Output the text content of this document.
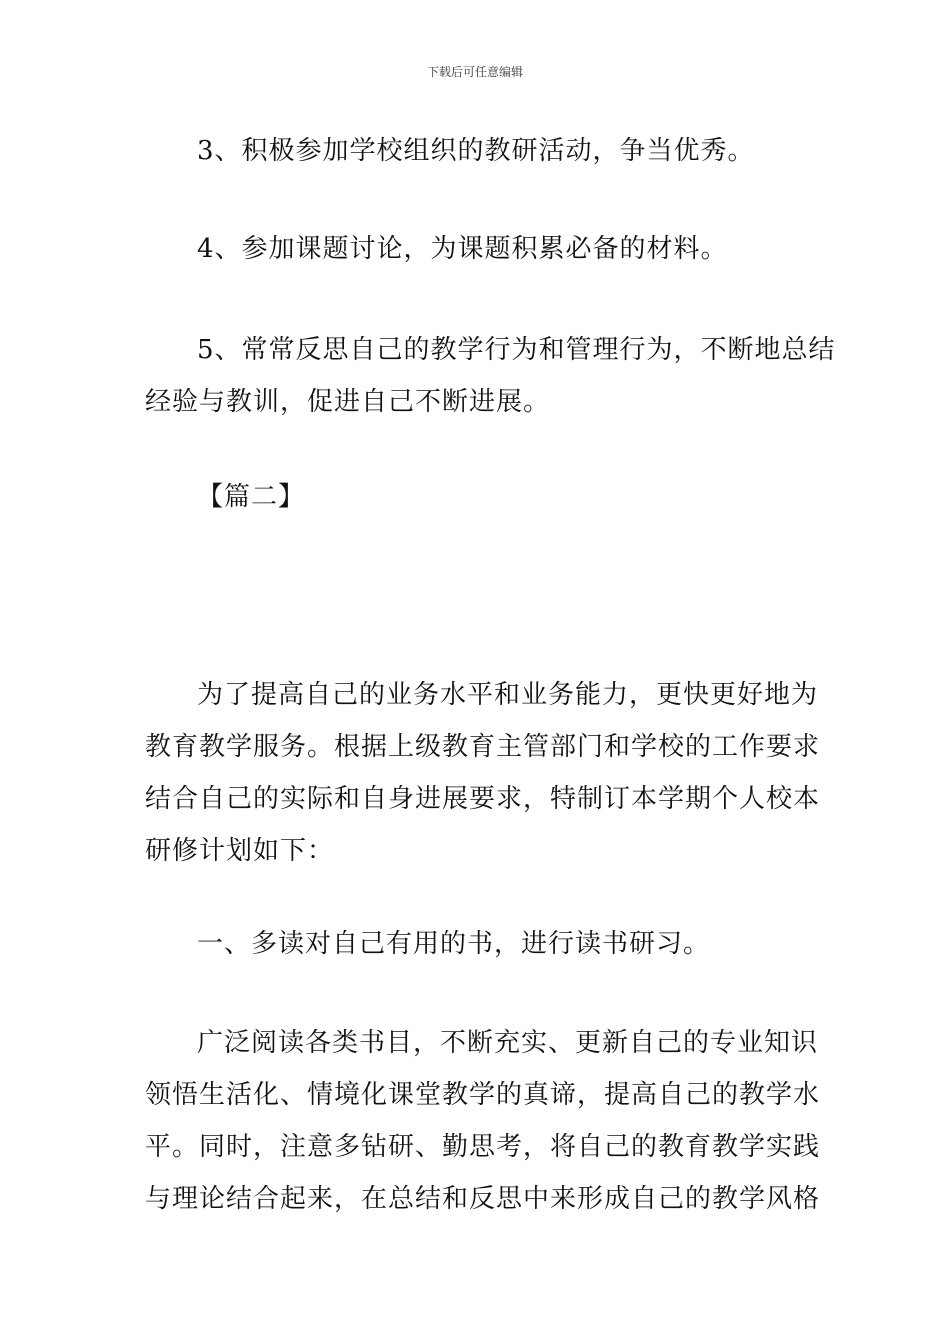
下载后可任意编辑
3、积极参加学校组织的教研活动，争当优秀。
4、参加课题讨论，为课题积累必备的材料。
5、常常反思自己的教学行为和管理行为，不断地总结
经验与教训，促进自己不断进展。
【篇二】
为了提高自己的业务水平和业务能力，更快更好地为
教育教学服务。根据上级教育主管部门和学校的工作要求
结合自己的实际和自身进展要求，特制订本学期个人校本
研修计划如下：
一、多读对自己有用的书，进行读书研习。
广泛阅读各类书目，不断充实、更新自己的专业知识
领悟生活化、情境化课堂教学的真谛，提高自己的教学水
平。同时，注意多钻研、勤思考，将自己的教育教学实践
与理论结合起来，在总结和反思中来形成自己的教学风格
